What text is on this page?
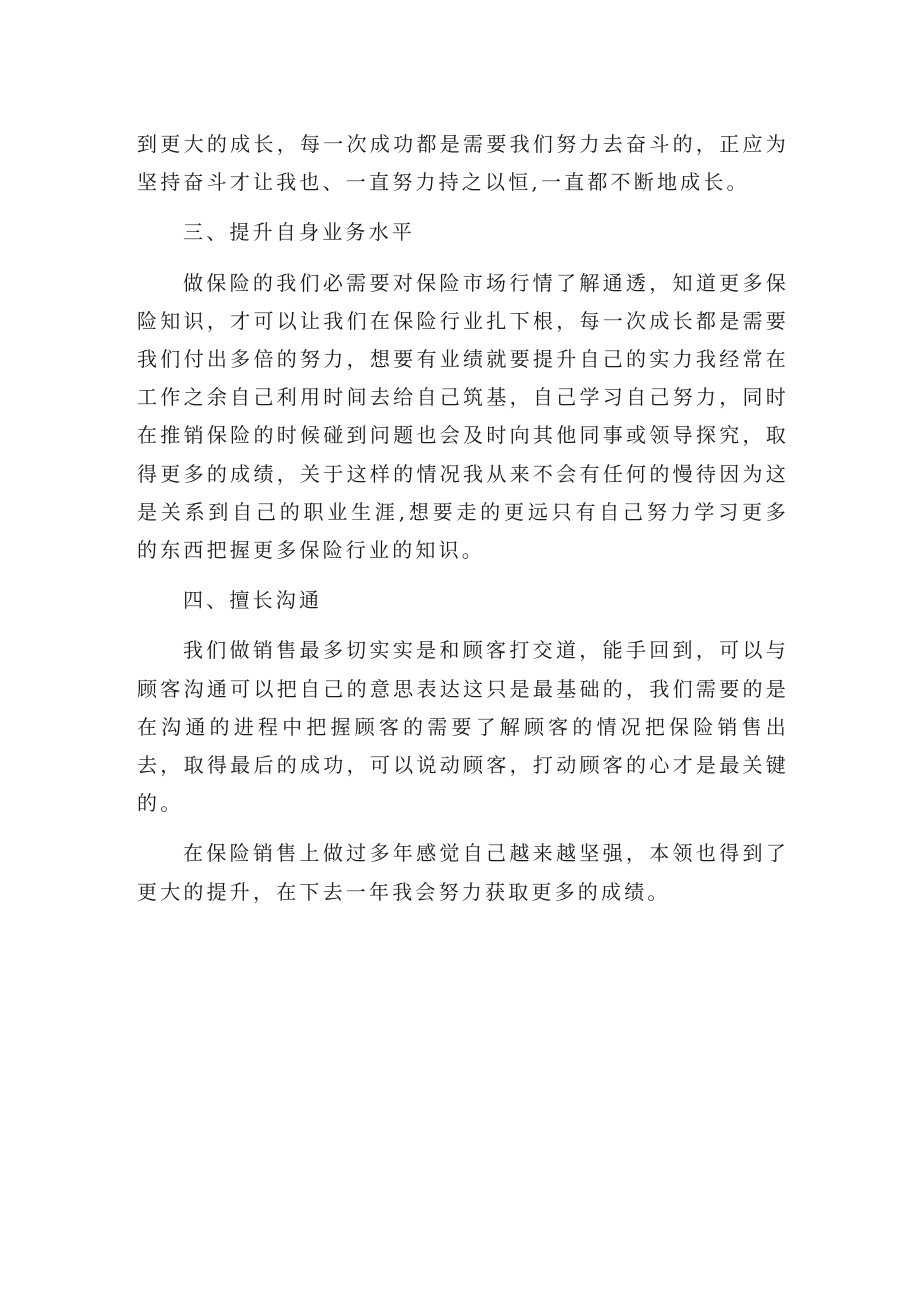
到更大的成长，每一次成功都是需要我们努力去奋斗的，正应为坚持奋斗才让我也、一直努力持之以恒,一直都不断地成长。

三、提升自身业务水平

做保险的我们必需要对保险市场行情了解通透，知道更多保险知识，才可以让我们在保险行业扎下根，每一次成长都是需要我们付出多倍的努力，想要有业绩就要提升自己的实力我经常在工作之余自己利用时间去给自己筑基，自己学习自己努力，同时在推销保险的时候碰到问题也会及时向其他同事或领导探究，取得更多的成绩，关于这样的情况我从来不会有任何的慢待因为这是关系到自己的职业生涯,想要走的更远只有自己努力学习更多的东西把握更多保险行业的知识。

四、擅长沟通

我们做销售最多切实实是和顾客打交道，能手回到，可以与顾客沟通可以把自己的意思表达这只是最基础的，我们需要的是在沟通的进程中把握顾客的需要了解顾客的情况把保险销售出去，取得最后的成功，可以说动顾客，打动顾客的心才是最关键的。

在保险销售上做过多年感觉自己越来越坚强，本领也得到了更大的提升，在下去一年我会努力获取更多的成绩。
